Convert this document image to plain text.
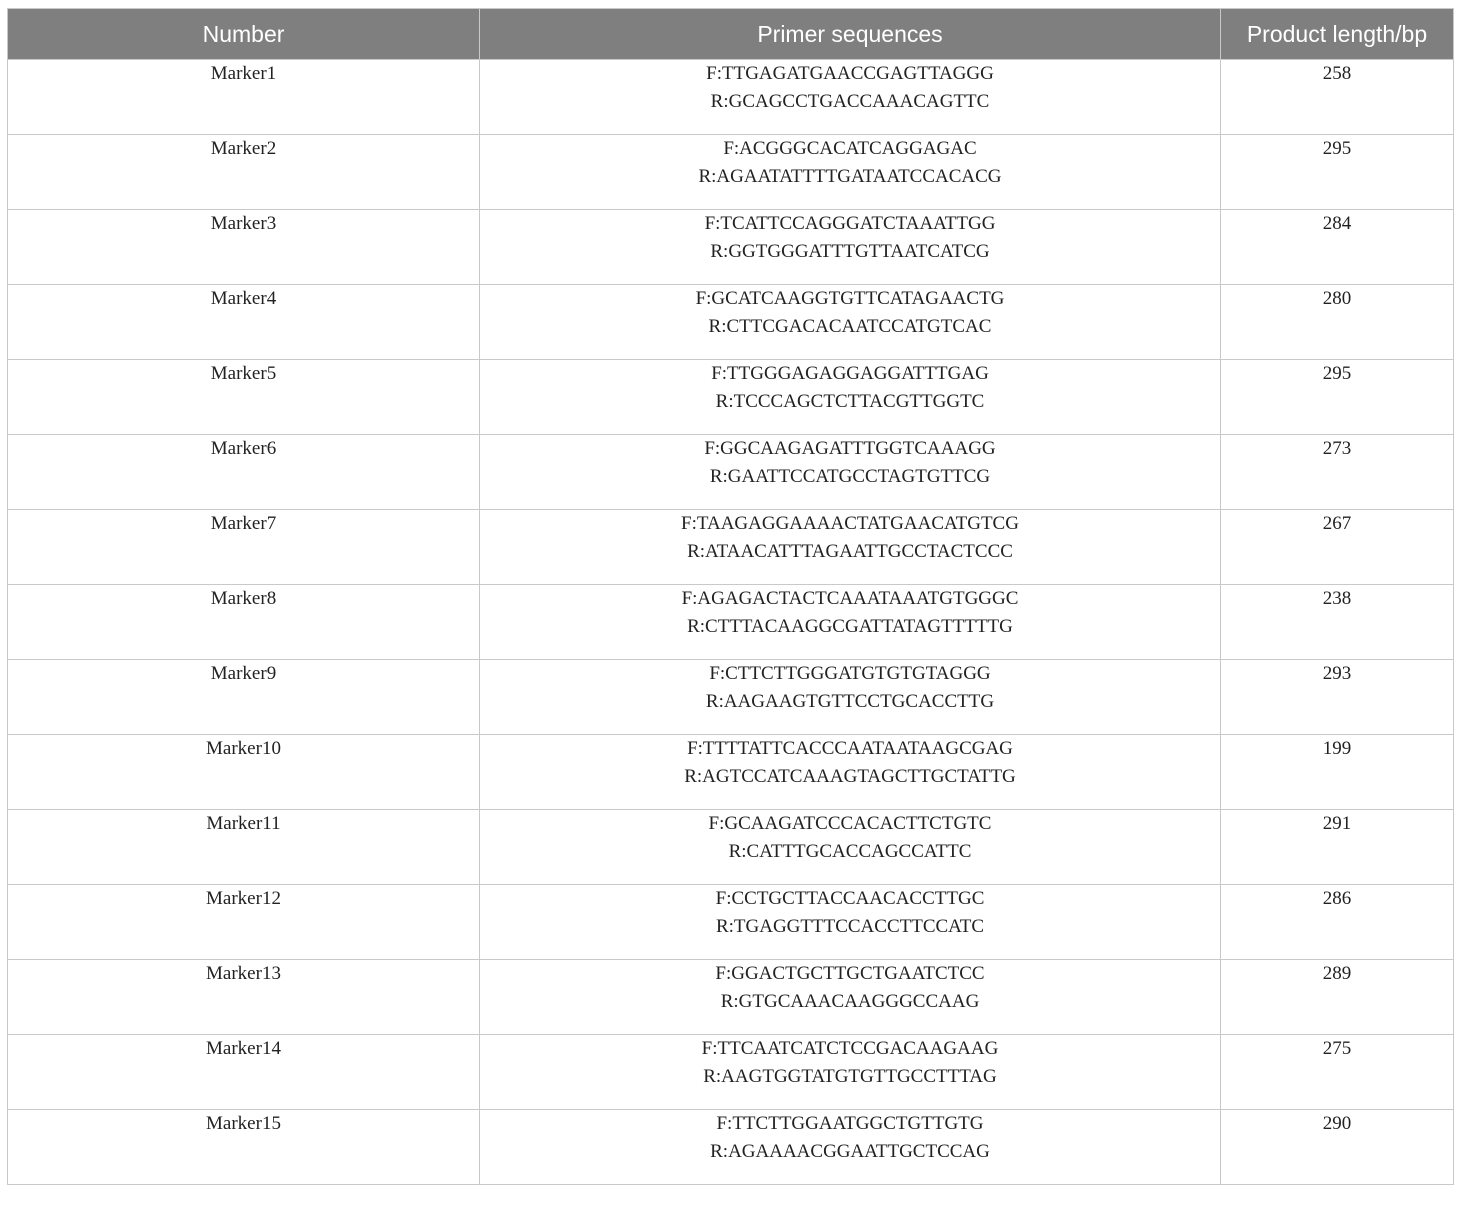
Number	Primer sequences	Product length/bp
Marker1	F:TTGAGATGAACCGAGTTAGGG
R:GCAGCCTGACCAAACAGTTC	258
Marker2	F:ACGGGCACATCAGGAGAC
R:AGAATATTTTGATAATCCACACG	295
Marker3	F:TCATTCCAGGGATCTAAATTGG
R:GGTGGGATTTGTTAATCATCG	284
Marker4	F:GCATCAAGGTGTTCATAGAACTG
R:CTTCGACACAATCCATGTCAC	280
Marker5	F:TTGGGAGAGGAGGATTTGAG
R:TCCCAGCTCTTACGTTGGTC	295
Marker6	F:GGCAAGAGATTTGGTCAAAGG
R:GAATTCCATGCCTAGTGTTCG	273
Marker7	F:TAAGAGGAAAACTATGAACATGTCG
R:ATAACATTTAGAATTGCCTACTCCC	267
Marker8	F:AGAGACTACTCAAATAAATGTGGGC
R:CTTTACAAGGCGATTATAGTTTTTG	238
Marker9	F:CTTCTTGGGATGTGTGTAGGG
R:AAGAAGTGTTCCTGCACCTTG	293
Marker10	F:TTTTATTCACCCAATAATAAGCGAG
R:AGTCCATCAAAGTAGCTTGCTATTG	199
Marker11	F:GCAAGATCCCACACTTCTGTC
R:CATTTGCACCAGCCATTC	291
Marker12	F:CCTGCTTACCAACACCTTGC
R:TGAGGTTTCCACCTTCCATC	286
Marker13	F:GGACTGCTTGCTGAATCTCC
R:GTGCAAACAAGGGCCAAG	289
Marker14	F:TTCAATCATCTCCGACAAGAAG
R:AAGTGGTATGTGTTGCCTTTAG	275
Marker15	F:TTCTTGGAATGGCTGTTGTG
R:AGAAAACGGAATTGCTCCAG	290
